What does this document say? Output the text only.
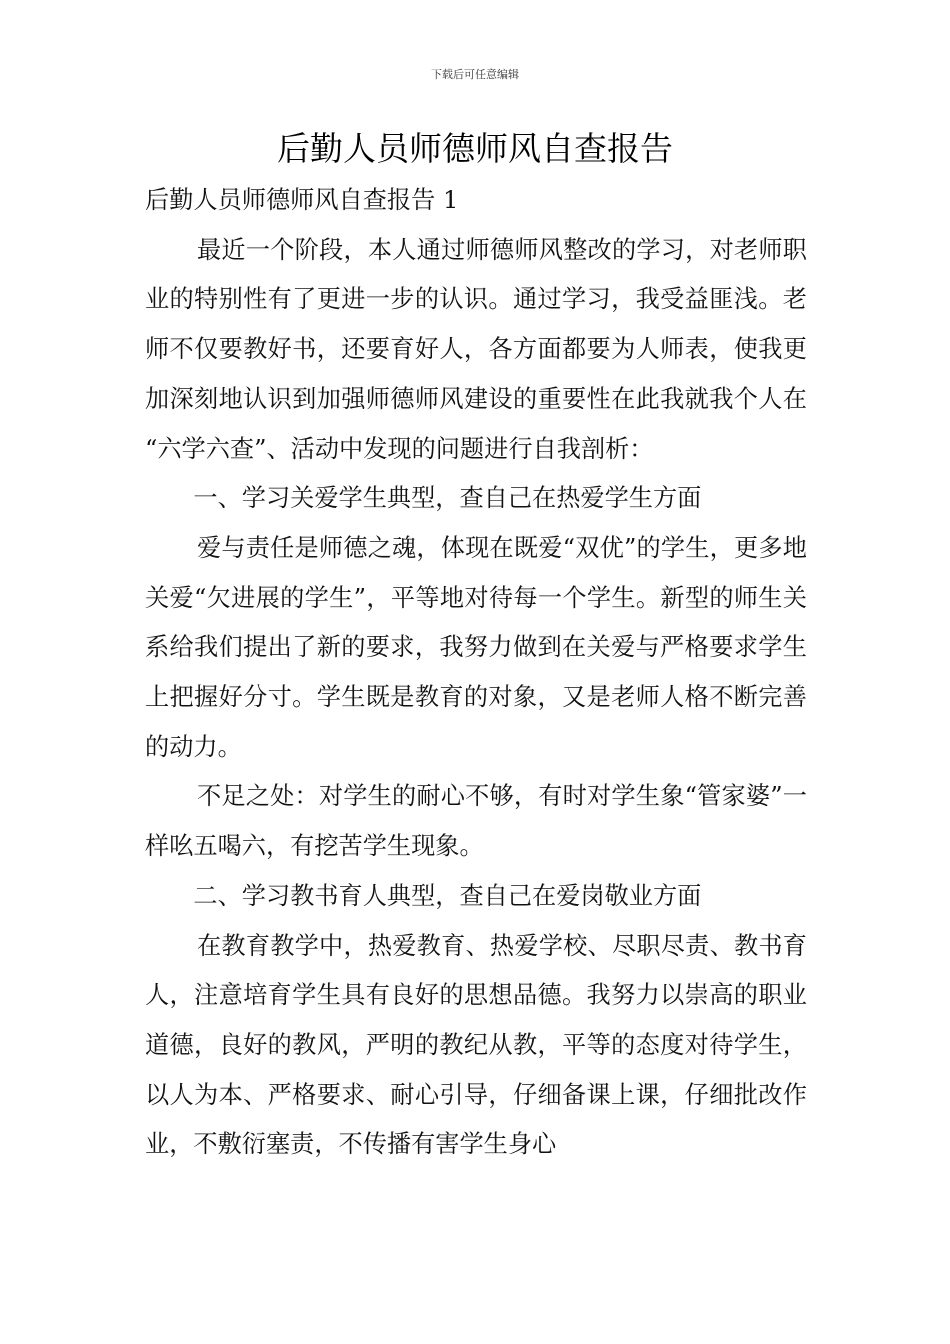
下载后可任意编辑
后勤人员师德师风自查报告
后勤人员师德师风自查报告 1

最近一个阶段，本人通过师德师风整改的学习，对老师职业的特别性有了更进一步的认识。通过学习，我受益匪浅。老师不仅要教好书，还要育好人，各方面都要为人师表，使我更加深刻地认识到加强师德师风建设的重要性在此我就我个人在 “六学六查”、活动中发现的问题进行自我剖析：

一、学习关爱学生典型，查自己在热爱学生方面

爱与责任是师德之魂，体现在既爱“双优”的学生，更多地关爱“欠进展的学生”，平等地对待每一个学生。新型的师生关系给我们提出了新的要求，我努力做到在关爱与严格要求学生上把握好分寸。学生既是教育的对象，又是老师人格不断完善的动力。

不足之处：对学生的耐心不够，有时对学生象“管家婆”一样吆五喝六，有挖苦学生现象。

二、学习教书育人典型，查自己在爱岗敬业方面

在教育教学中，热爱教育、热爱学校、尽职尽责、教书育人，注意培育学生具有良好的思想品德。我努力以崇高的职业道德，良好的教风，严明的教纪从教，平等的态度对待学生，以人为本、严格要求、耐心引导，仔细备课上课，仔细批改作业，不敷衍塞责，不传播有害学生身心
